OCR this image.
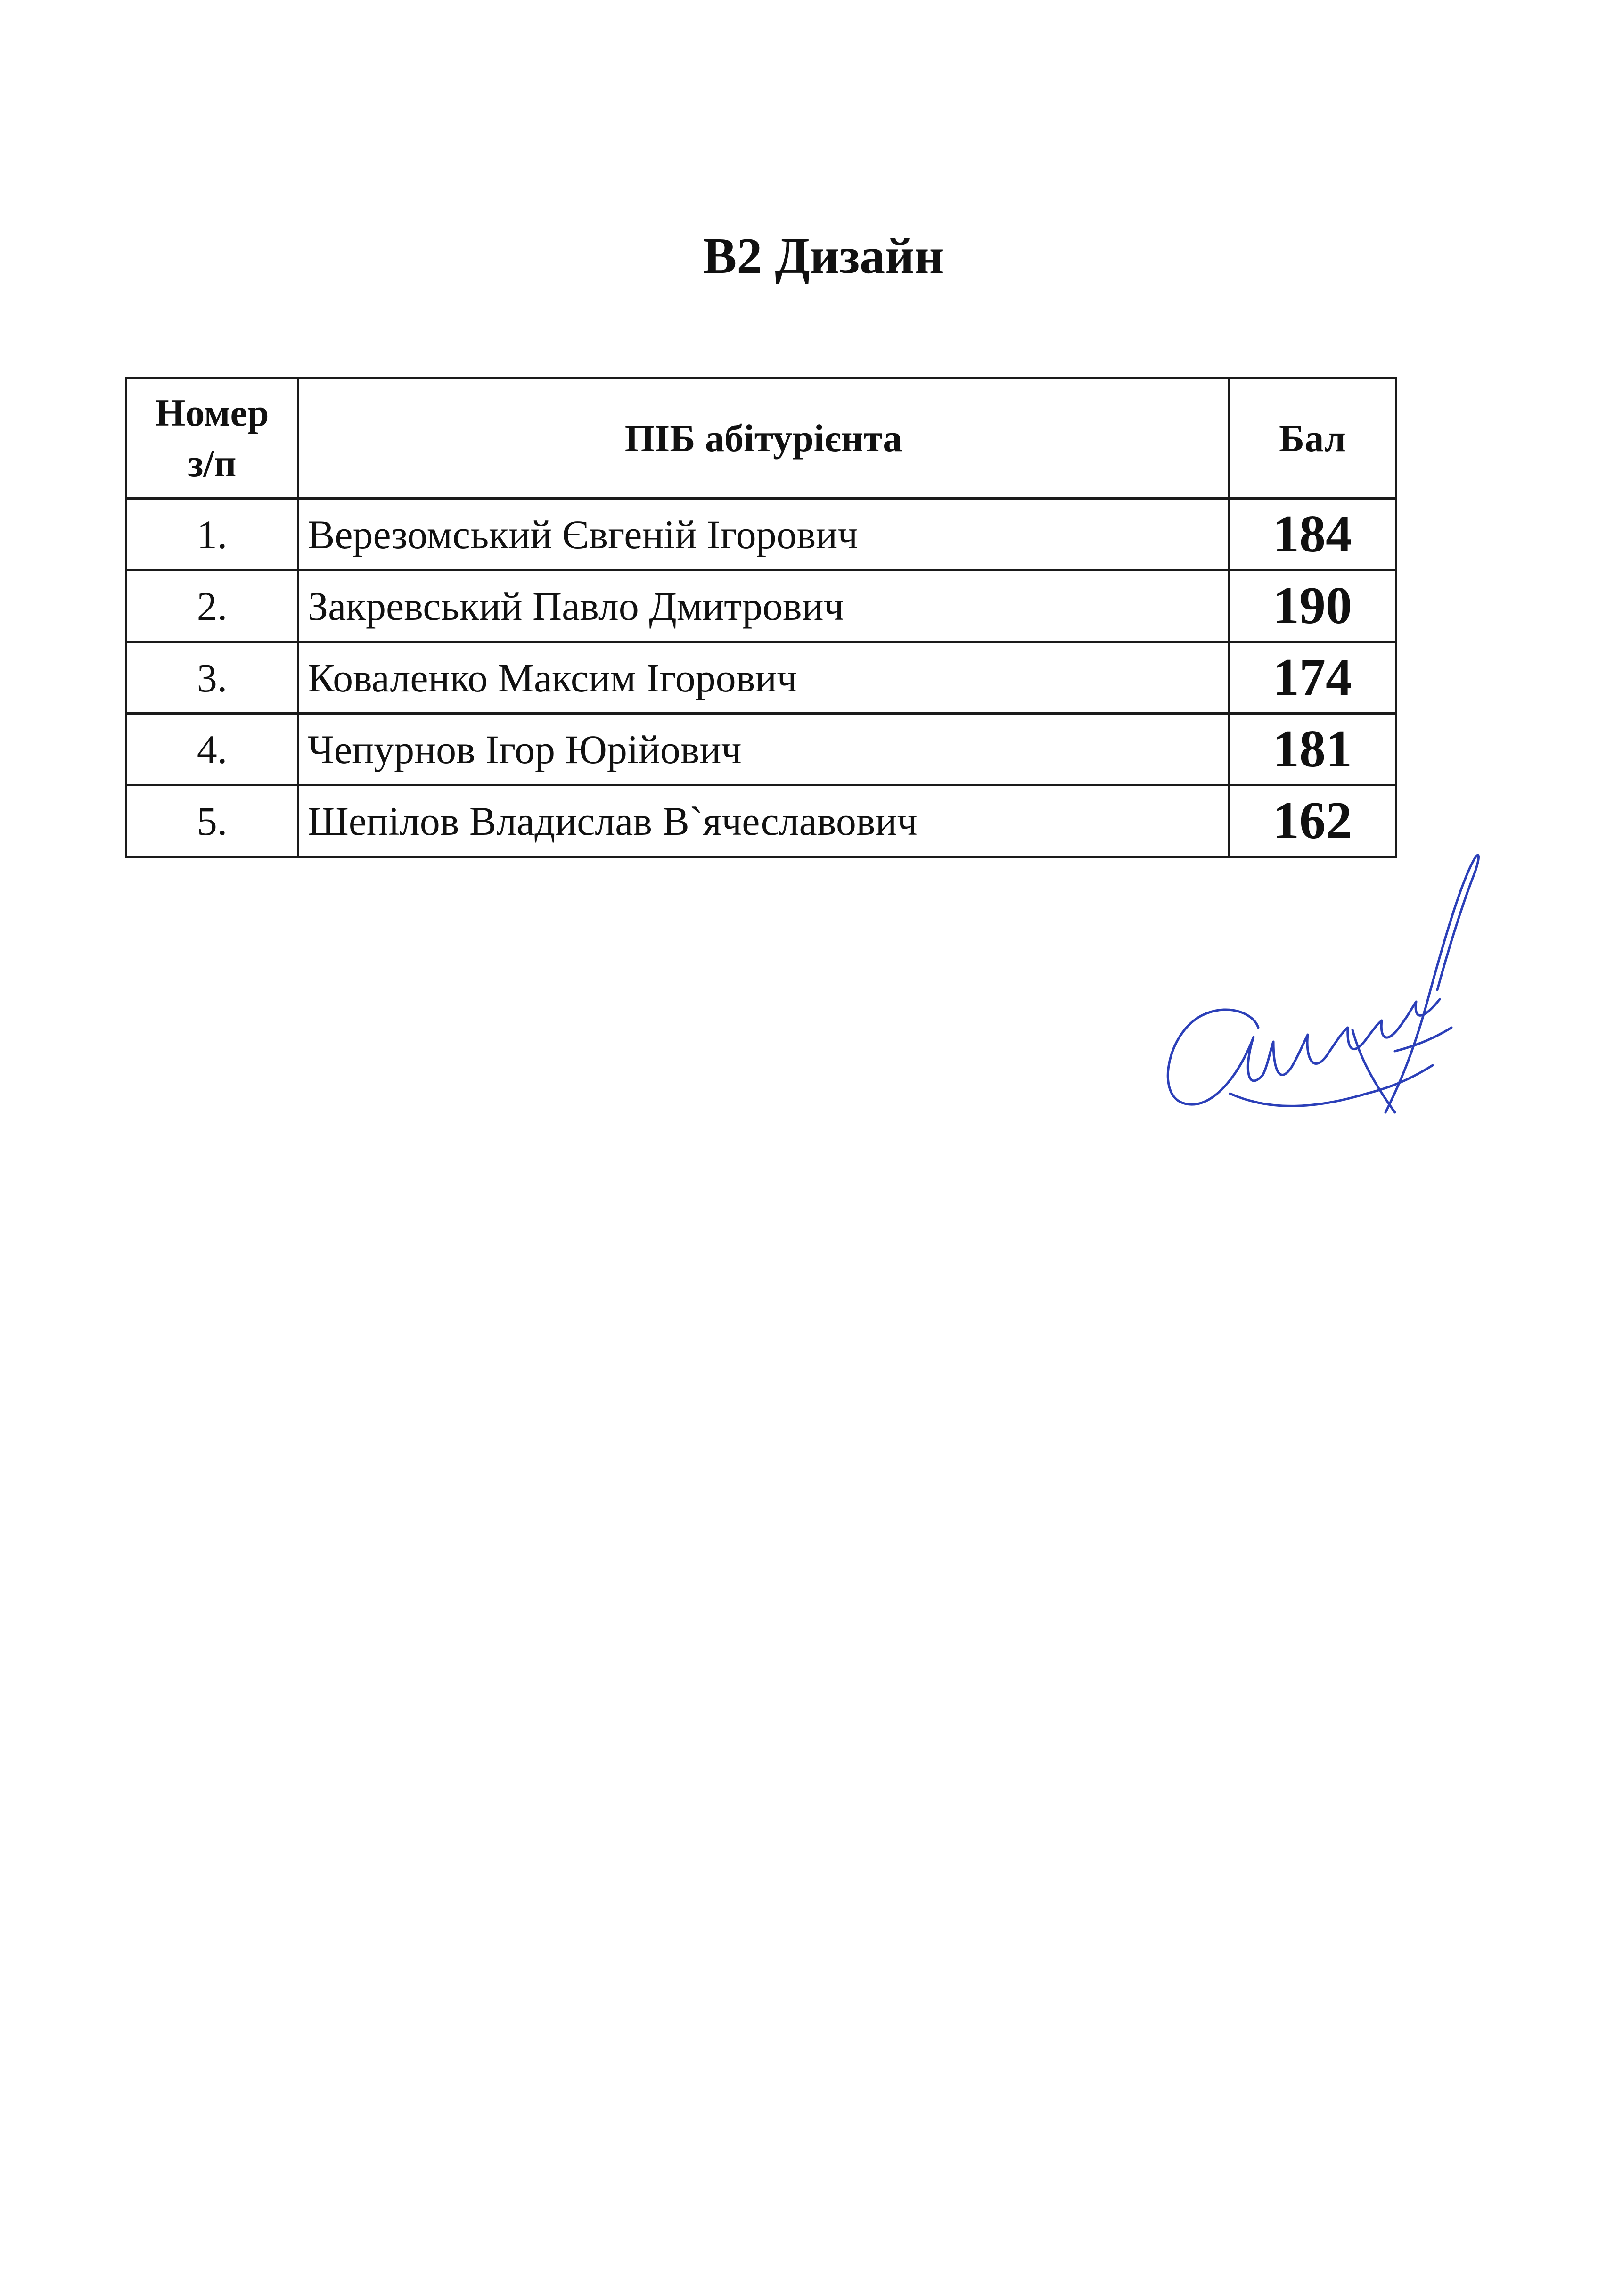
В2 Дизайн
Номер
з/п	ПІБ абітурієнта	Бал
1.	Верезомський Євгеній Ігорович	184
2.	Закревський Павло Дмитрович	190
3.	Коваленко Максим Ігорович	174
4.	Чепурнов Ігор Юрійович	181
5.	Шепілов Владислав В`ячеславович	162
